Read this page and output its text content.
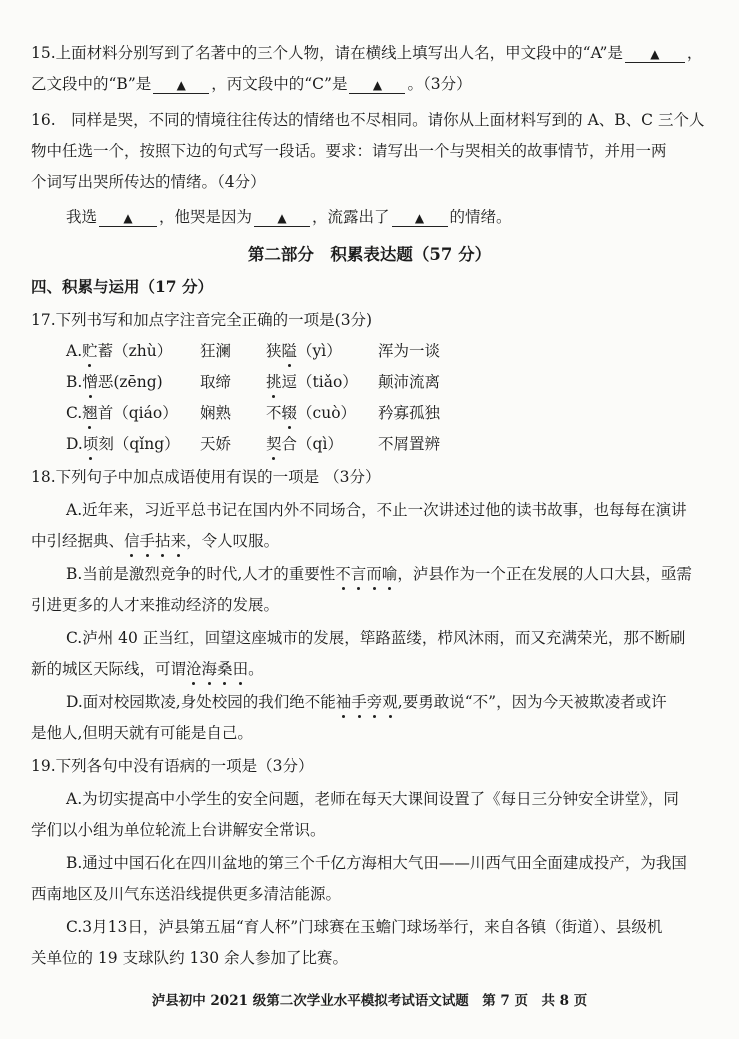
15.上面材料分别写到了名著中的三个人物，请在横线上填写出人名，甲文段中的“A”是 ▲ ，
乙文段中的“B”是 ▲ ，丙文段中的“C”是 ▲ 。（3分）
16.　同样是哭，不同的情境往往传达的情绪也不尽相同。请你从上面材料写到的 A、B、C 三个人
物中任选一个，按照下边的句式写一段话。要求：请写出一个与哭相关的故事情节，并用一两
个词写出哭所传达的情绪。（4分）
我选 ▲ ，他哭是因为 ▲ ，流露出了 ▲ 的情绪。
第二部分　积累表达题（57 分）
四、积累与运用（17 分）
17.下列书写和加点字注音完全正确的一项是(3分)
A.贮蓄（zhù） 狂澜 狭隘（yì） 浑为一谈
B.憎恶(zēng) 取缔 挑逗（tiǎo） 颠沛流离
C.翘首（qiáo） 娴熟 不辍（cuò） 矜寡孤独
D.顷刻（qǐng） 天娇 契合（qì） 不屑置辨
18.下列句子中加点成语使用有误的一项是 （3分）
A.近年来，习近平总书记在国内外不同场合，不止一次讲述过他的读书故事，也每每在演讲
中引经据典、信手拈来，令人叹服。
B.当前是激烈竞争的时代,人才的重要性不言而喻，泸县作为一个正在发展的人口大县，亟需
引进更多的人才来推动经济的发展。
C.泸州 40 正当红，回望这座城市的发展，筚路蓝缕，栉风沐雨，而又充满荣光，那不断刷
新的城区天际线，可谓沧海桑田。
D.面对校园欺凌,身处校园的我们绝不能袖手旁观,要勇敢说“不”，因为今天被欺凌者或许
是他人,但明天就有可能是自己。
19.下列各句中没有语病的一项是（3分）
A.为切实提高中小学生的安全问题，老师在每天大课间设置了《每日三分钟安全讲堂》，同
学们以小组为单位轮流上台讲解安全常识。
B.通过中国石化在四川盆地的第三个千亿方海相大气田——川西气田全面建成投产，为我国
西南地区及川气东送沿线提供更多清洁能源。
C.3月13日，泸县第五届“育人杯”门球赛在玉蟾门球场举行，来自各镇（街道）、县级机
关单位的 19 支球队约 130 余人参加了比赛。
泸县初中 2021 级第二次学业水平模拟考试语文试题　第 7 页　共 8 页
